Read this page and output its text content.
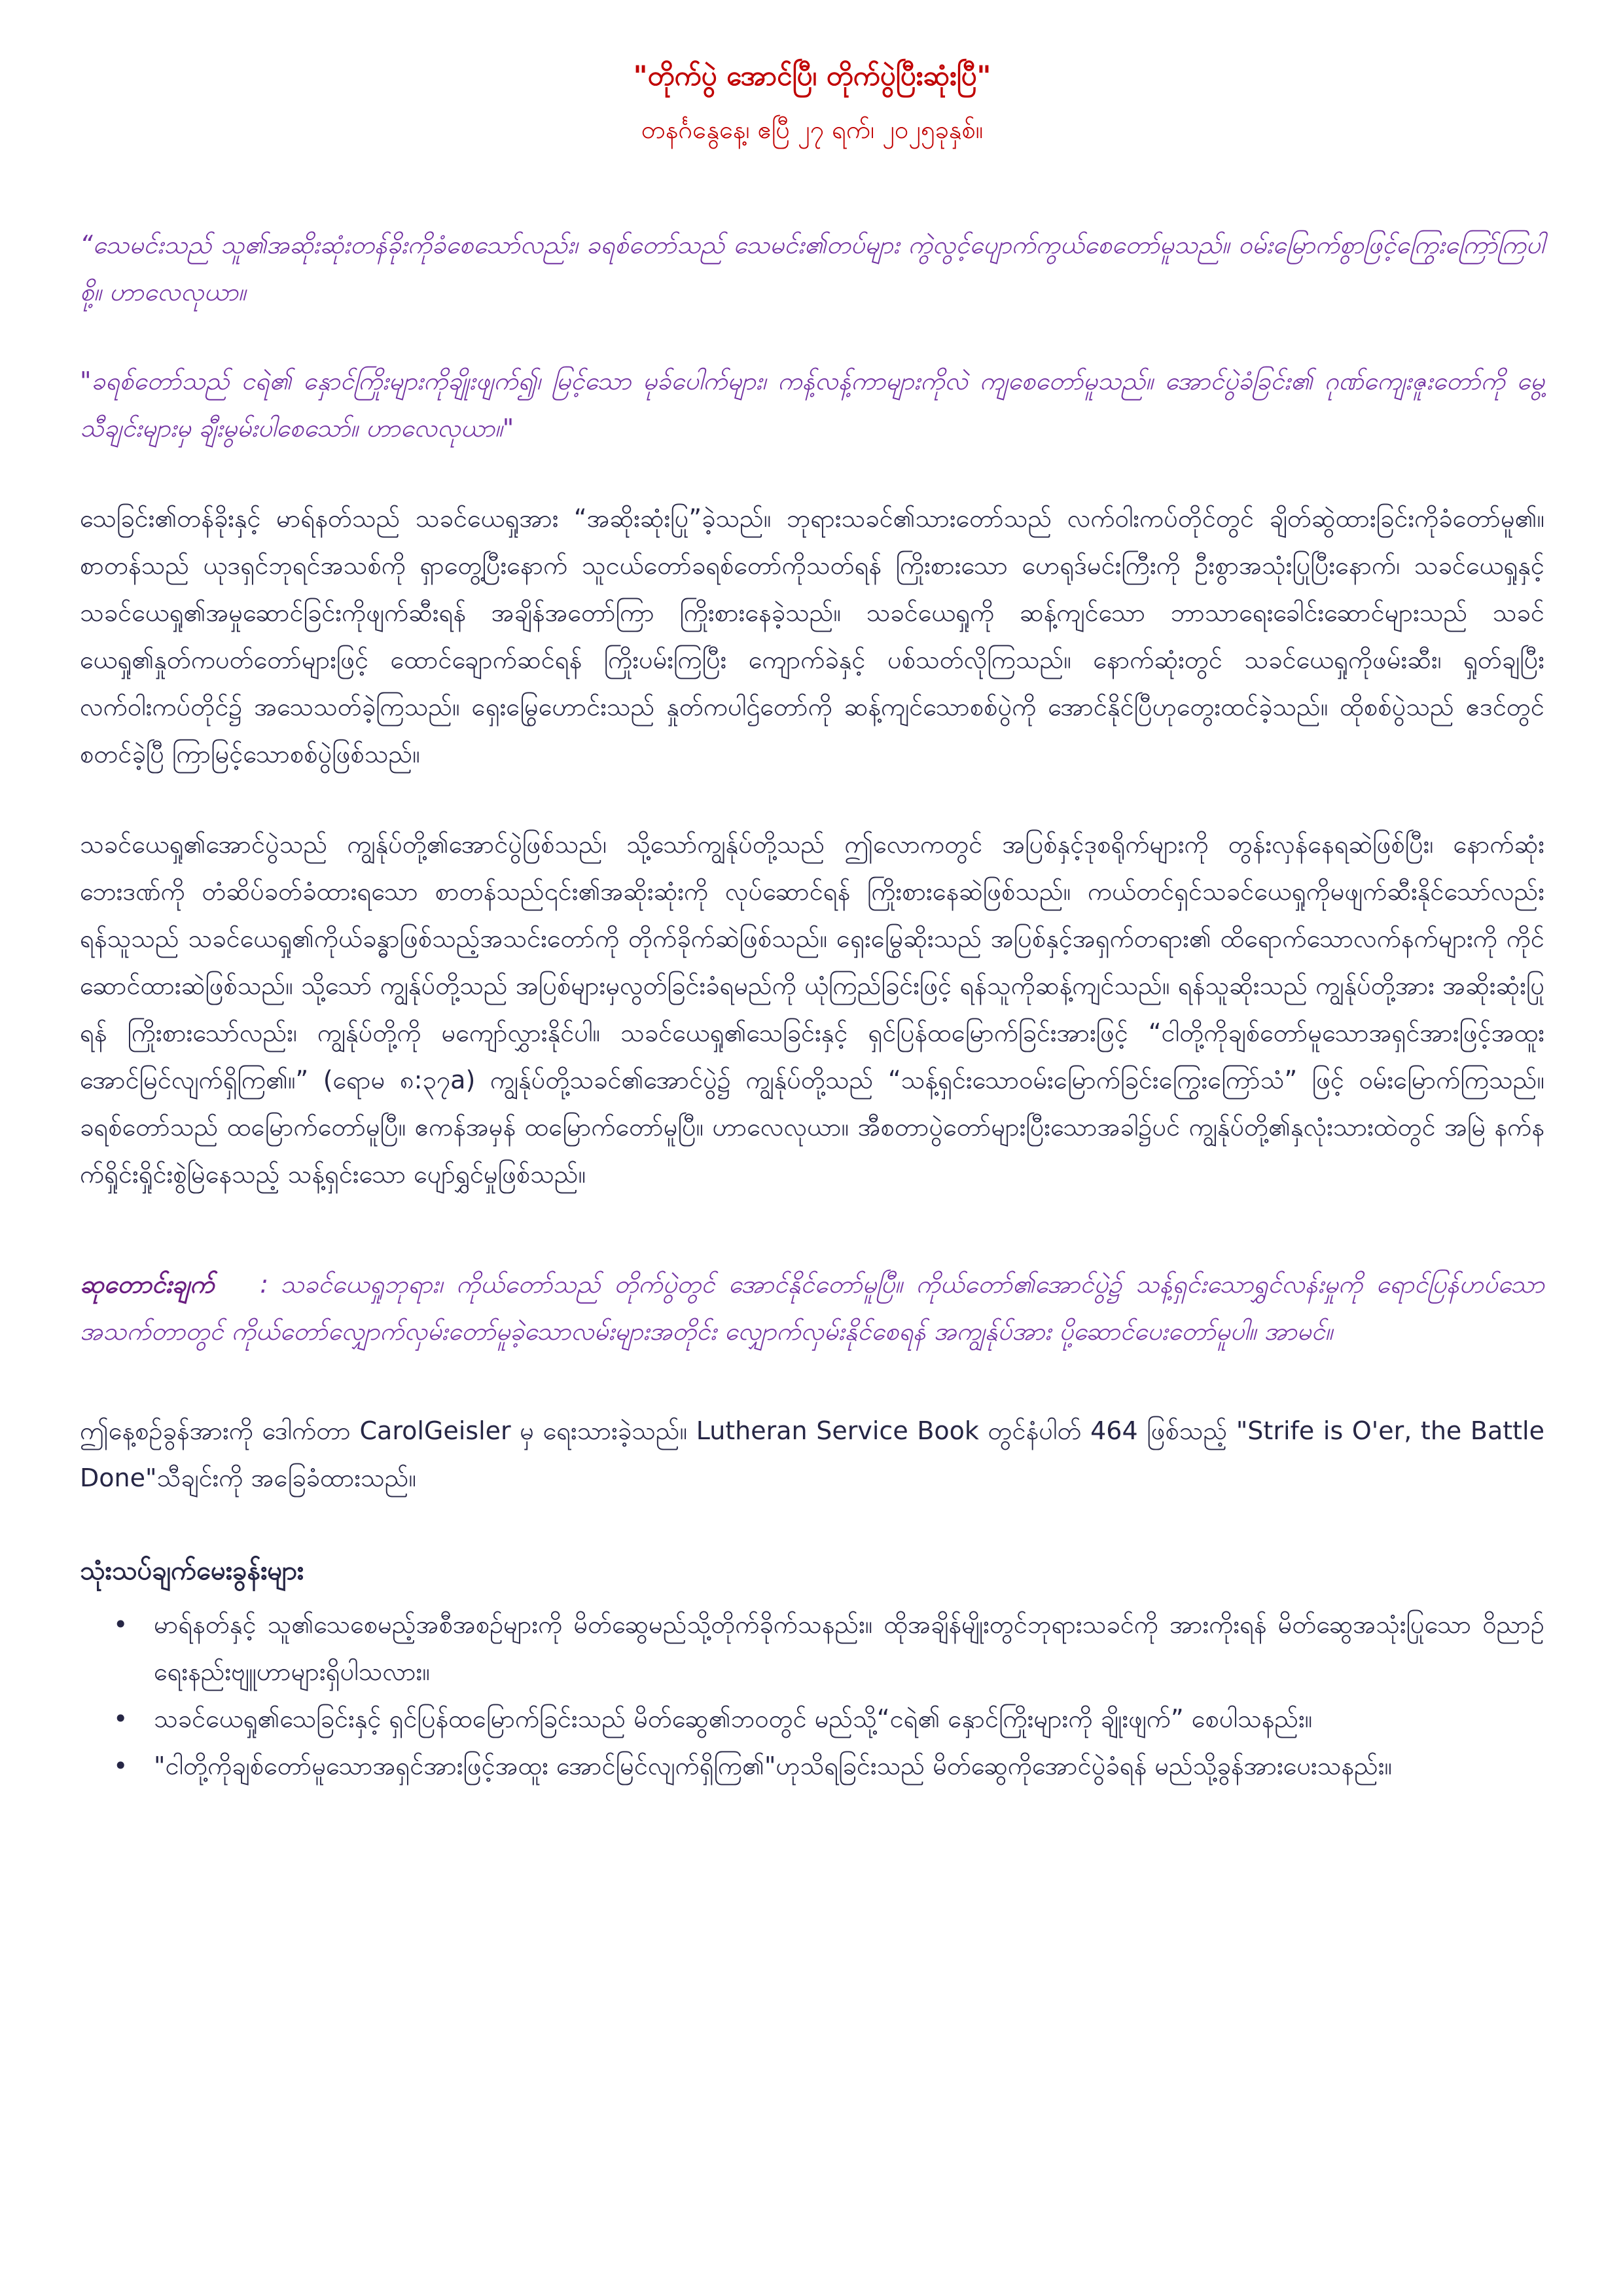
"တိုက်ပွဲ အောင်ပြီ၊ တိုက်ပွဲပြီးဆုံးပြီ"

တနင်္ဂနွေနေ့၊ ဧပြီ ၂၇ ရက်၊ ၂၀၂၅ခုနှစ်။

“သေမင်းသည် သူ၏အဆိုးဆုံးတန်ခိုးကိုခံစေသော်လည်း၊ ခရစ်တော်သည် သေမင်း၏တပ်များ ကွဲလွင့်ပျောက်ကွယ်စေတော်မူသည်။ ဝမ်းမြောက်စွာဖြင့်ကြွေးကြော်ကြပါစို့။ ဟာလေလုယာ။

"ခရစ်တော်သည် ငရဲ၏ နှောင်ကြိုးများကိုချိုးဖျက်၍၊ မြင့်သော မုခ်ပေါက်များ၊ ကန့်လန့်ကာများကိုလဲ ကျစေတော်မူသည်။ အောင်ပွဲခံခြင်း၏ ဂုဏ်ကျေးဇူးတော်ကို မွေ့သီချင်းများမှ ချီးမွမ်းပါစေသော်။ ဟာလေလုယာ။"

သေခြင်း၏တန်ခိုးနှင့် မာရ်နတ်သည် သခင်ယေရှုအား “အဆိုးဆုံးပြု”ခဲ့သည်။ ဘုရားသခင်၏သားတော်သည် လက်ဝါးကပ်တိုင်တွင် ချိတ်ဆွဲထားခြင်းကိုခံတော်မူ၏။ စာတန်သည် ယုဒရှင်ဘုရင်အသစ်ကို ရှာတွေ့ပြီးနောက် သူငယ်တော်ခရစ်တော်ကိုသတ်ရန် ကြိုးစားသော ဟေရုဒ်မင်းကြီးကို ဦးစွာအသုံးပြုပြီးနောက်၊ သခင်ယေရှုနှင့် သခင်ယေရှု၏အမှုဆောင်ခြင်းကိုဖျက်ဆီးရန် အချိန်အတော်ကြာ ကြိုးစားနေခဲ့သည်။ သခင်ယေရှုကို ဆန့်ကျင်သော ဘာသာရေးခေါင်းဆောင်များသည် သခင်ယေရှု၏နှုတ်ကပတ်တော်များဖြင့် ထောင်ချောက်ဆင်ရန် ကြိုးပမ်းကြပြီး ကျောက်ခဲနှင့် ပစ်သတ်လိုကြသည်။ နောက်ဆုံးတွင် သခင်ယေရှုကိုဖမ်းဆီး၊ ရှုတ်ချပြီး လက်ဝါးကပ်တိုင်၌ အသေသတ်ခဲ့ကြသည်။ ရှေးမြွေဟောင်းသည် နှုတ်ကပါဌ်တော်ကို ဆန့်ကျင်သောစစ်ပွဲကို အောင်နိုင်ပြီဟုတွေးထင်ခဲ့သည်။ ထိုစစ်ပွဲသည် ဧဒင်တွင် စတင်ခဲ့ပြီ ကြာမြင့်သောစစ်ပွဲဖြစ်သည်။

သခင်ယေရှု၏အောင်ပွဲသည် ကျွန်ုပ်တို့၏အောင်ပွဲဖြစ်သည်၊ သို့သော်ကျွန်ုပ်တို့သည် ဤလောကတွင် အပြစ်နှင့်ဒုစရိုက်များကို တွန်းလှန်နေရဆဲဖြစ်ပြီး၊ နောက်ဆုံးဘေးဒဏ်ကို တံဆိပ်ခတ်ခံထားရသော စာတန်သည်၎င်း၏အဆိုးဆုံးကို လုပ်ဆောင်ရန် ကြိုးစားနေဆဲဖြစ်သည်။ ကယ်တင်ရှင်သခင်ယေရှုကိုမဖျက်ဆီးနိုင်သော်လည်း ရန်သူသည် သခင်ယေရှု၏ကိုယ်ခန္ဓာဖြစ်သည့်အသင်းတော်ကို တိုက်ခိုက်ဆဲဖြစ်သည်။ ရှေးမြွေဆိုးသည် အပြစ်နှင့်အရှက်တရား၏ ထိရောက်သောလက်နက်များကို ကိုင်ဆောင်ထားဆဲဖြစ်သည်။ သို့သော် ကျွန်ုပ်တို့သည် အပြစ်များမှလွတ်ခြင်းခံရမည်ကို ယုံကြည်ခြင်းဖြင့် ရန်သူကိုဆန့်ကျင်သည်။ ရန်သူဆိုးသည် ကျွန်ုပ်တို့အား အဆိုးဆုံးပြုရန် ကြိုးစားသော်လည်း၊ ကျွန်ုပ်တို့ကို မကျော်လွှားနိုင်ပါ။ သခင်ယေရှု၏သေခြင်းနှင့် ရှင်ပြန်ထမြောက်ခြင်းအားဖြင့် “ငါတို့ကိုချစ်တော်မူသောအရှင်အားဖြင့်အထူး အောင်မြင်လျက်ရှိကြ၏။” (ရောမ ၈:၃၇a) ကျွန်ုပ်တို့သခင်၏အောင်ပွဲ၌ ကျွန်ုပ်တို့သည် “သန့်ရှင်းသောဝမ်းမြောက်ခြင်းကြွေးကြော်သံ” ဖြင့် ဝမ်းမြောက်ကြသည်။ ခရစ်တော်သည် ထမြောက်တော်မူပြီ။ ဧကန်အမှန် ထမြောက်တော်မူပြီ။ ဟာလေလုယာ။ အီစတာပွဲတော်များပြီးသောအခါ၌ပင် ကျွန်ုပ်တို့၏နှလုံးသားထဲတွင် အမြဲ နက်နက်ရှိုင်းရှိုင်းစွဲမြဲနေသည့် သန့်ရှင်းသော ပျော်ရွှင်မှုဖြစ်သည်။

ဆုတောင်းချက် : သခင်ယေရှုဘုရား၊ ကိုယ်တော်သည် တိုက်ပွဲတွင် အောင်နိုင်တော်မူပြီ။ ကိုယ်တော်၏အောင်ပွဲ၌ သန့်ရှင်းသောရွှင်လန်းမှုကို ရောင်ပြန်ဟပ်သော အသက်တာတွင် ကိုယ်တော်လျှောက်လှမ်းတော်မူခဲ့သောလမ်းများအတိုင်း လျှောက်လှမ်းနိုင်စေရန် အကျွန်ုပ်အား ပို့ဆောင်ပေးတော်မူပါ။ အာမင်။

ဤနေ့စဉ်ခွန်အားကို ဒေါက်တာ CarolGeisler မှ ရေးသားခဲ့သည်။ Lutheran Service Book တွင်နံပါတ် 464 ဖြစ်သည့် "Strife is O'er, the Battle Done"သီချင်းကို အခြေခံထားသည်။

သုံးသပ်ချက်မေးခွန်းများ
• မာရ်နတ်နှင့် သူ၏သေစေမည့်အစီအစဉ်များကို မိတ်ဆွေမည်သို့တိုက်ခိုက်သနည်း။ ထိုအချိန်မျိုးတွင်ဘုရားသခင်ကို အားကိုးရန် မိတ်ဆွေအသုံးပြုသော ဝိညာဉ်ရေးနည်းဗျူဟာများရှိပါသလား။
• သခင်ယေရှု၏သေခြင်းနှင့် ရှင်ပြန်ထမြောက်ခြင်းသည် မိတ်ဆွေ၏ဘဝတွင် မည်သို့“ငရဲ၏ နှောင်ကြိုးများကို ချိုးဖျက်” စေပါသနည်း။
• "ငါတို့ကိုချစ်တော်မူသောအရှင်အားဖြင့်အထူး အောင်မြင်လျက်ရှိကြ၏"ဟုသိရခြင်းသည် မိတ်ဆွေကိုအောင်ပွဲခံရန် မည်သို့ခွန်အားပေးသနည်း။
